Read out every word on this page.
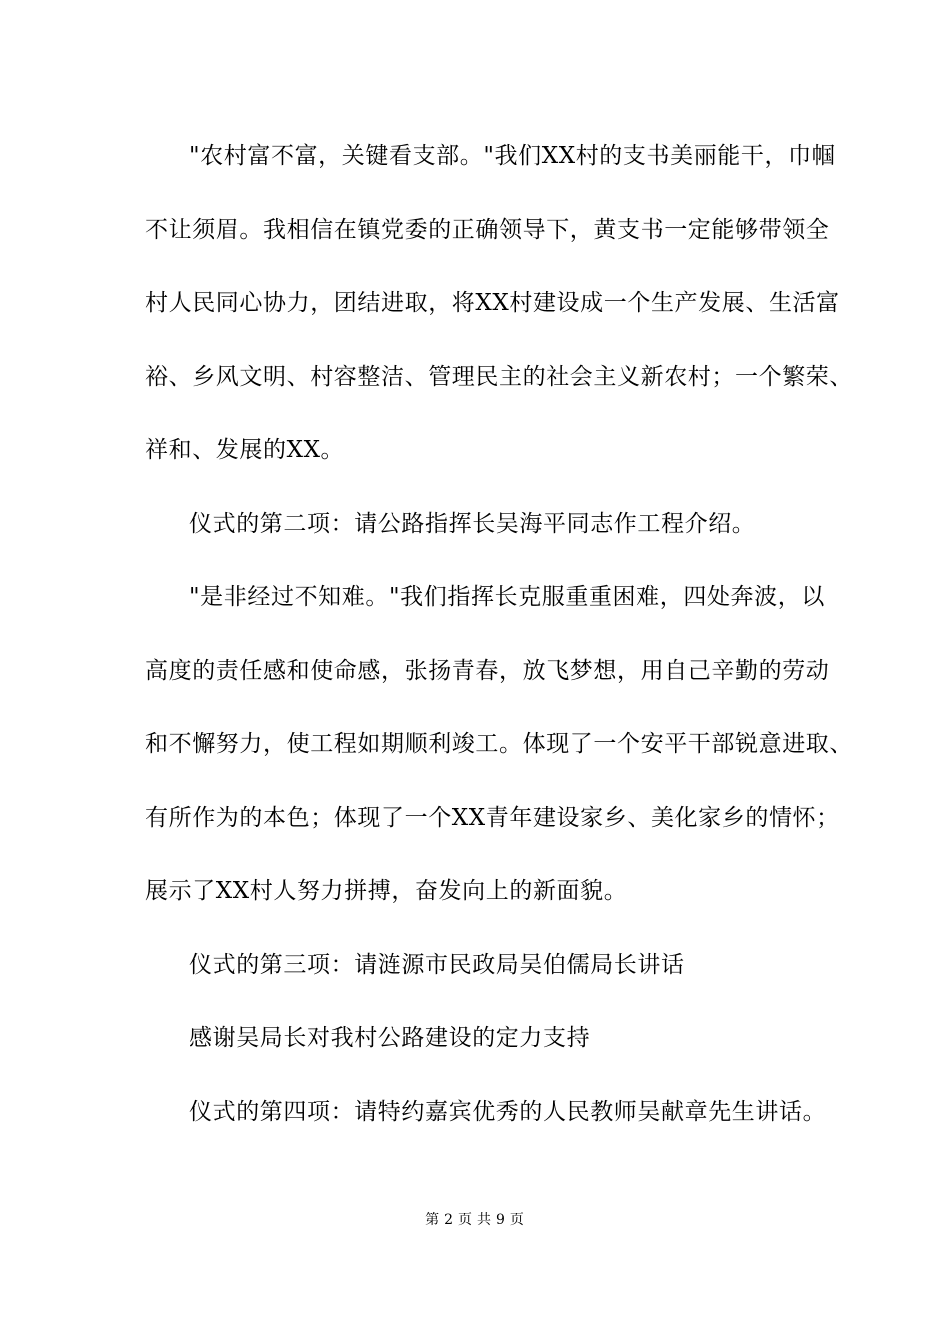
"农村富不富，关键看支部。"我们XX村的支书美丽能干，巾帼
不让须眉。我相信在镇党委的正确领导下，黄支书一定能够带领全
村人民同心协力，团结进取，将XX村建设成一个生产发展、生活富
裕、乡风文明、村容整洁、管理民主的社会主义新农村；一个繁荣、
祥和、发展的XX。
仪式的第二项：请公路指挥长吴海平同志作工程介绍。
"是非经过不知难。"我们指挥长克服重重困难，四处奔波，以
高度的责任感和使命感，张扬青春，放飞梦想，用自己辛勤的劳动
和不懈努力，使工程如期顺利竣工。体现了一个安平干部锐意进取、
有所作为的本色；体现了一个XX青年建设家乡、美化家乡的情怀；
展示了XX村人努力拼搏，奋发向上的新面貌。
仪式的第三项：请涟源市民政局吴伯儒局长讲话
感谢吴局长对我村公路建设的定力支持
仪式的第四项：请特约嘉宾优秀的人民教师吴献章先生讲话。
第 2 页 共 9 页
